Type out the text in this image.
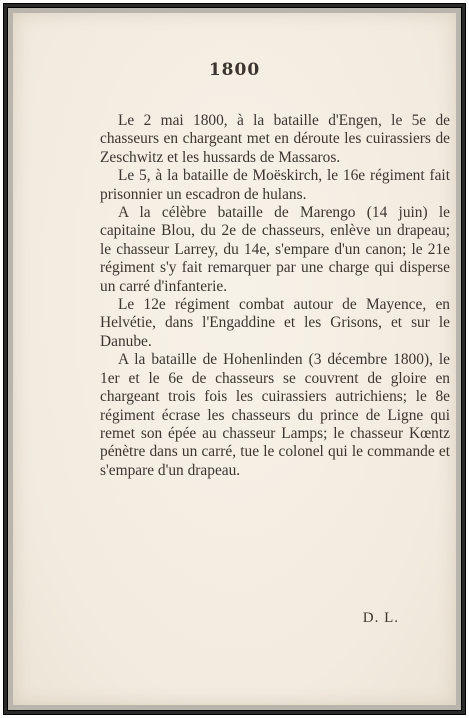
1800

Le 2 mai 1800, à la bataille d'Engen, le 5e de chasseurs en chargeant met en déroute les cuirassiers de Zeschwitz et les hussards de Massaros.

Le 5, à la bataille de Moëskirch, le 16e régiment fait prisonnier un escadron de hulans.

A la célèbre bataille de Marengo (14 juin) le capitaine Blou, du 2e de chasseurs, enlève un drapeau; le chasseur Larrey, du 14e, s'empare d'un canon; le 21e régiment s'y fait remarquer par une charge qui disperse un carré d'infanterie.

Le 12e régiment combat autour de Mayence, en Helvétie, dans l'Engaddine et les Grisons, et sur le Danube.

A la bataille de Hohenlinden (3 décembre 1800), le 1er et le 6e de chasseurs se couvrent de gloire en chargeant trois fois les cuirassiers autrichiens; le 8e régiment écrase les chasseurs du prince de Ligne qui remet son épée au chasseur Lamps; le chasseur Kœntz pénètre dans un carré, tue le colonel qui le commande et s'empare d'un drapeau.

D. L.
